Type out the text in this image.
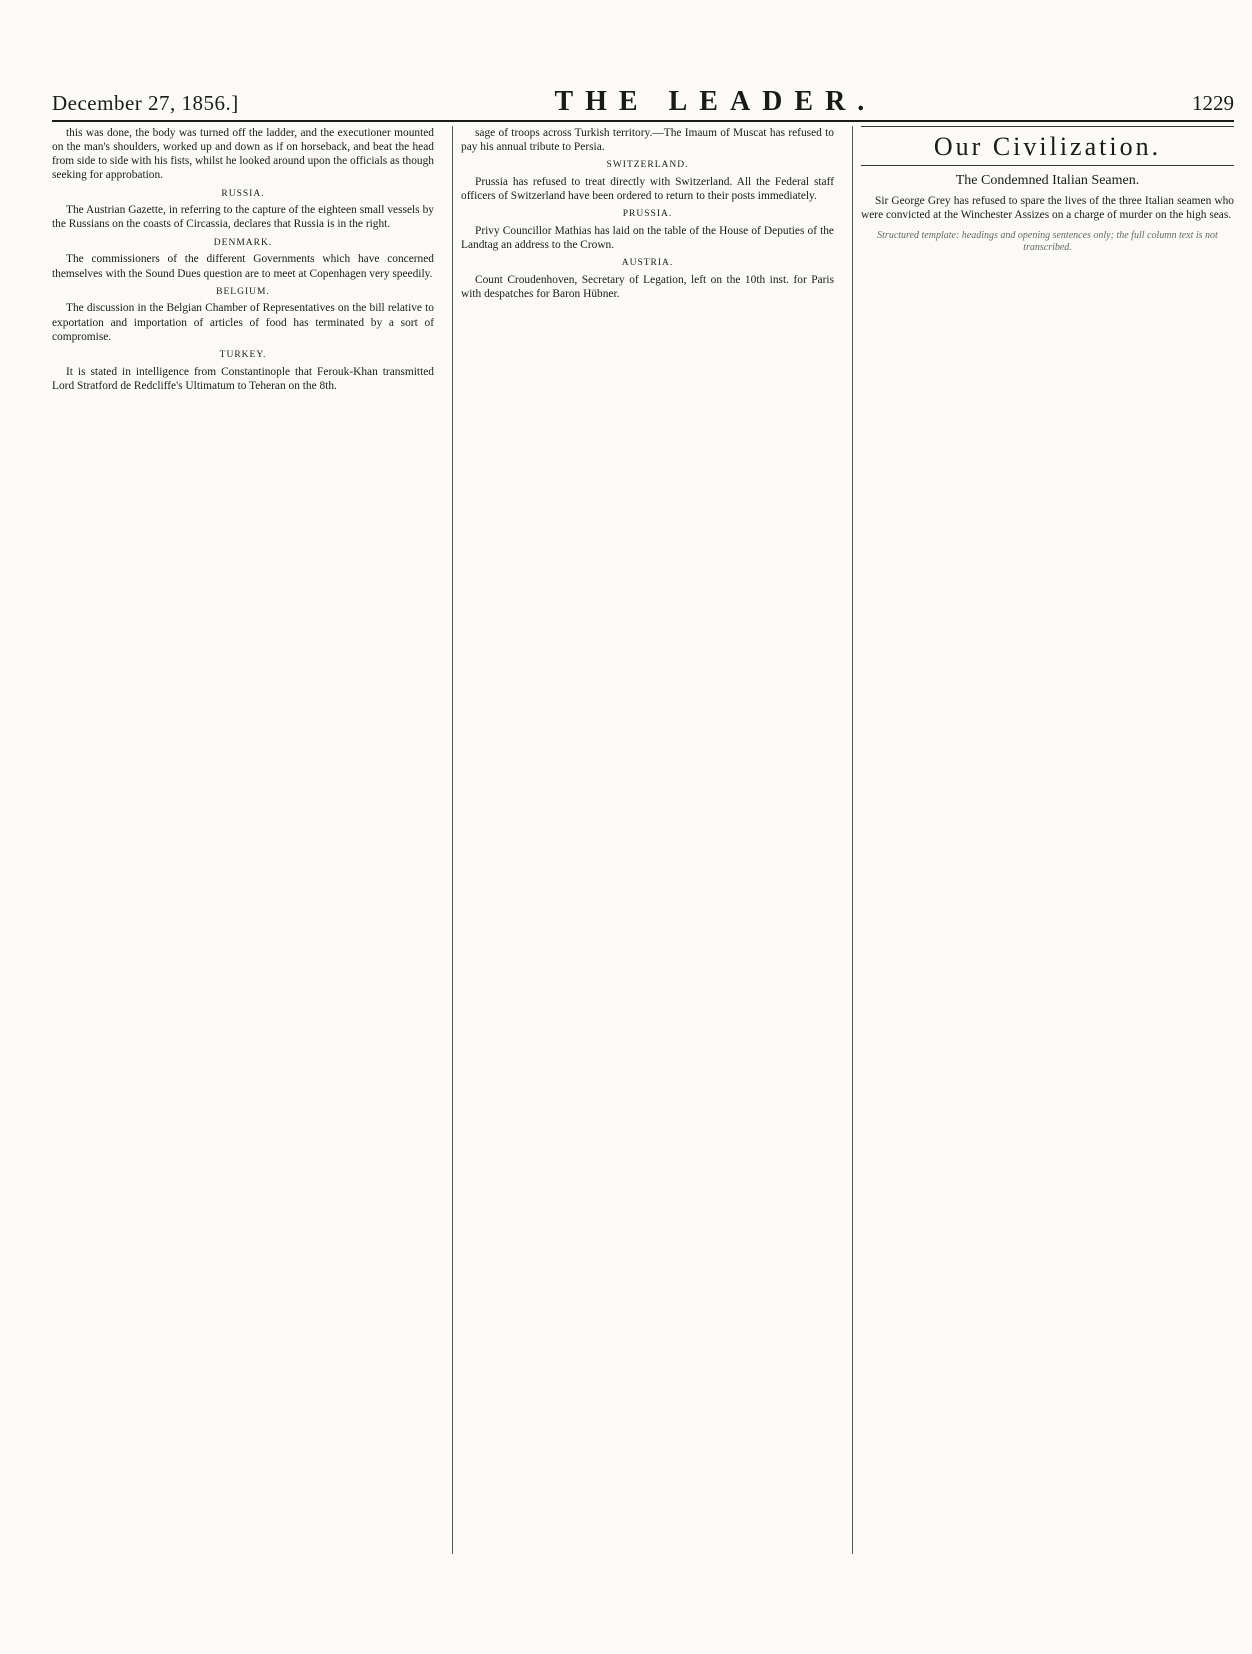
December 27, 1856.]	THE LEADER.	1229

this was done, the body was turned off the ladder, and the executioner mounted on the man's shoulders, worked up and down as if on horseback, and beat the head from side to side with his fists, whilst he looked around upon the officials as though seeking for approbation.

RUSSIA.

The Austrian Gazette, in referring to the capture of the eighteen small vessels by the Russians on the coasts of Circassia, declares that Russia is in the right.

DENMARK.

The commissioners of the different Governments which have concerned themselves with the Sound Dues question are to meet at Copenhagen very speedily.

BELGIUM.

The discussion in the Belgian Chamber of Representatives on the bill relative to exportation and importation of articles of food has terminated by a sort of compromise.

TURKEY.

It is stated in intelligence from Constantinople that Ferouk-Khan transmitted Lord Stratford de Redcliffe's Ultimatum to Teheran on the 8th.

sage of troops across Turkish territory.—The Imaum of Muscat has refused to pay his annual tribute to Persia.

SWITZERLAND.

Prussia has refused to treat directly with Switzerland. All the Federal staff officers of Switzerland have been ordered to return to their posts immediately.

PRUSSIA.

Privy Councillor Mathias has laid on the table of the House of Deputies of the Landtag an address to the Crown.

AUSTRIA.

Count Croudenhoven, Secretary of Legation, left on the 10th inst. for Paris with despatches for Baron Hübner.

Our Civilization.
The Condemned Italian Seamen.

Sir George Grey has refused to spare the lives of the three Italian seamen who were convicted at the Winchester Assizes on a charge of murder on the high seas.

Structured template: headings and opening sentences only; the full column text is not transcribed.
